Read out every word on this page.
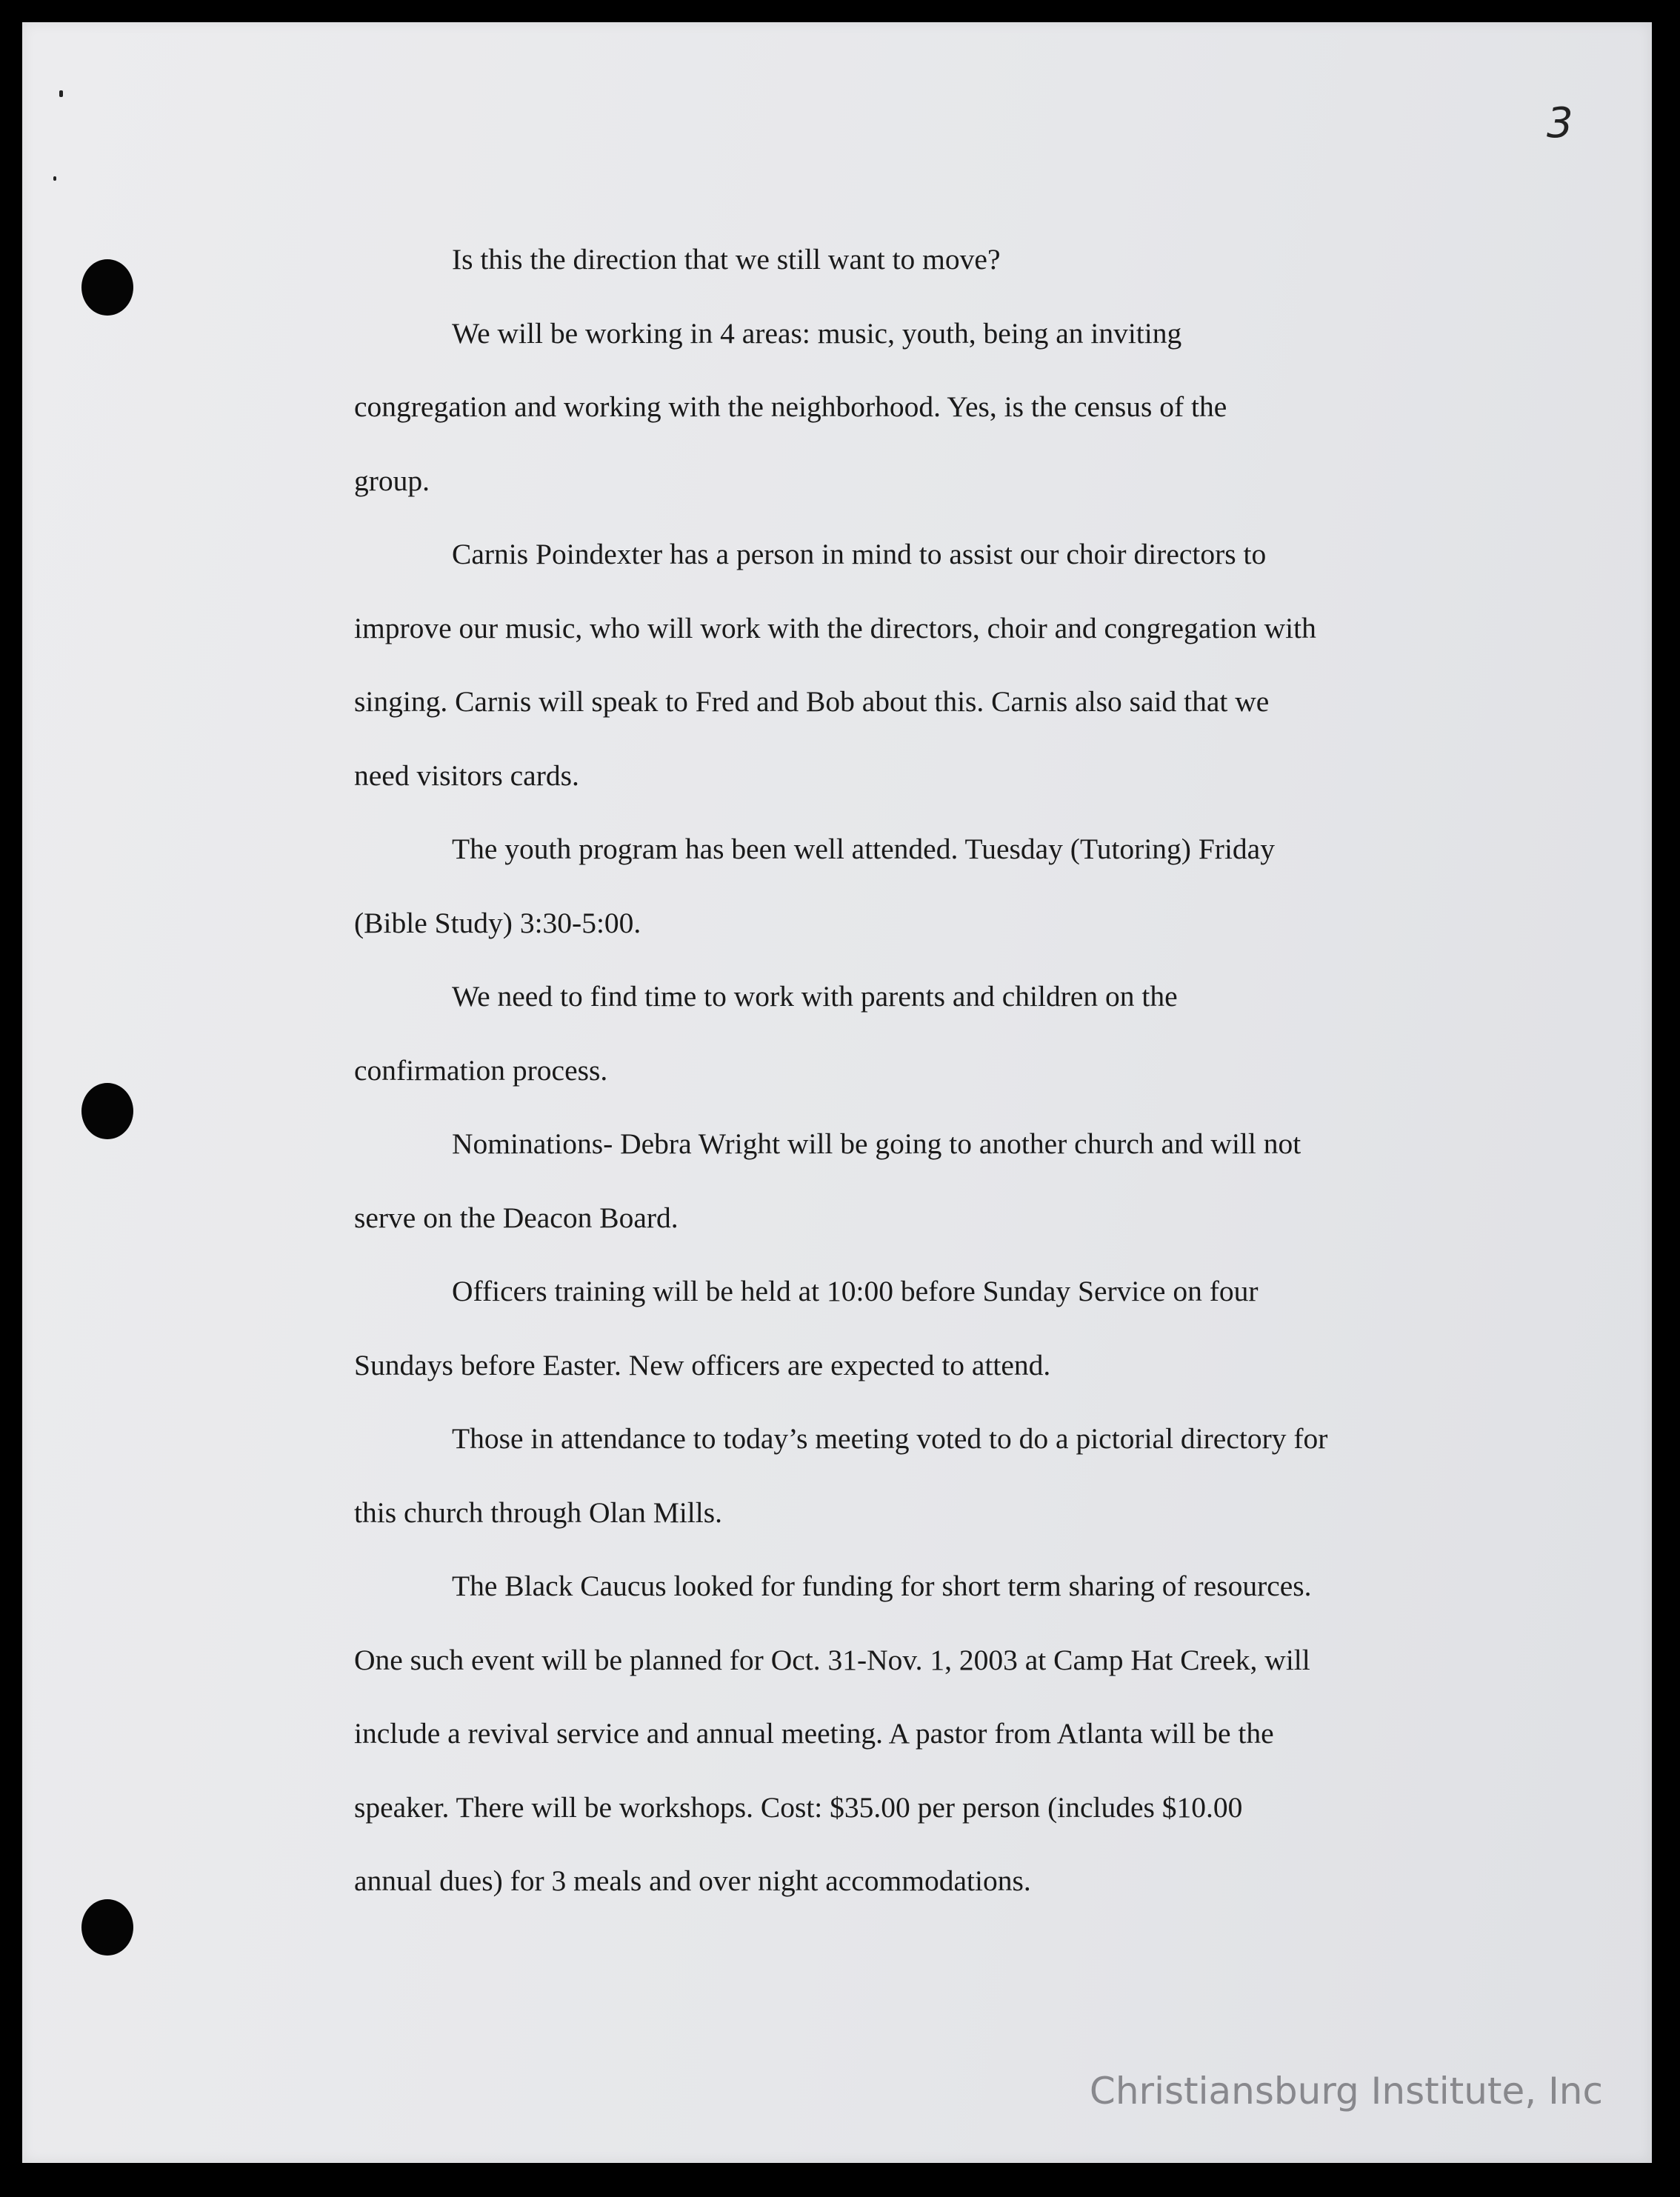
3
Is this the direction that we still want to move?
We will be working in 4 areas: music, youth, being an inviting
congregation and working with the neighborhood. Yes, is the census of the
group.
Carnis Poindexter has a person in mind to assist our choir directors to
improve our music, who will work with the directors, choir and congregation with
singing. Carnis will speak to Fred and Bob about this. Carnis also said that we
need visitors cards.
The youth program has been well attended. Tuesday (Tutoring) Friday
(Bible Study) 3:30-5:00.
We need to find time to work with parents and children on the
confirmation process.
Nominations- Debra Wright will be going to another church and will not
serve on the Deacon Board.
Officers training will be held at 10:00 before Sunday Service on four
Sundays before Easter. New officers are expected to attend.
Those in attendance to today’s meeting voted to do a pictorial directory for
this church through Olan Mills.
The Black Caucus looked for funding for short term sharing of resources.
One such event will be planned for Oct. 31-Nov. 1, 2003 at Camp Hat Creek, will
include a revival service and annual meeting. A pastor from Atlanta will be the
speaker. There will be workshops. Cost: $35.00 per person (includes $10.00
annual dues) for 3 meals and over night accommodations.
Christiansburg Institute, Inc
